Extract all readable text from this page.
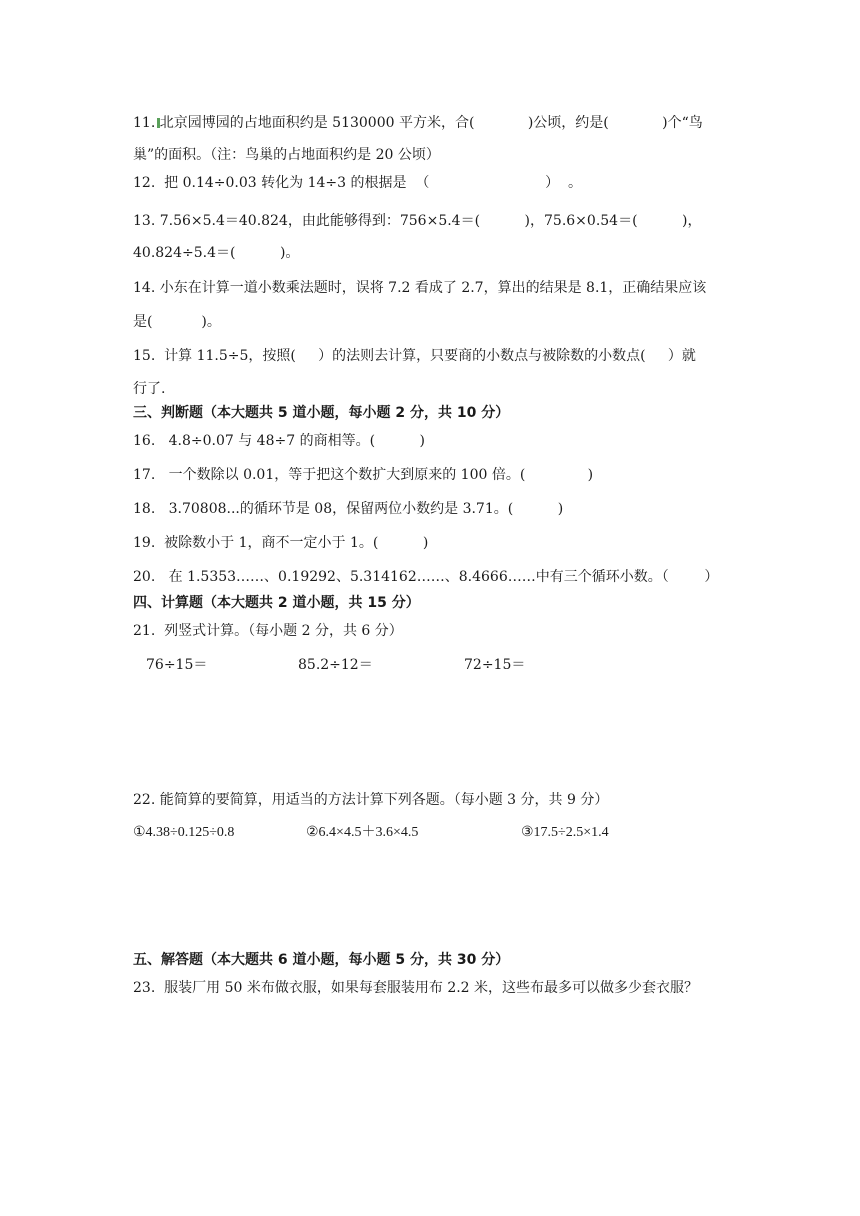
11. 北京园博园的占地面积约是 5130000 平方米，合(            )公顷，约是(            )个“鸟
巢”的面积。（注：鸟巢的占地面积约是 20 公顷）
12.  把 0.14÷0.03 转化为 14÷3 的根据是  （                          ）  。
13. 7.56×5.4＝40.824，由此能够得到：756×5.4＝(          )，75.6×0.54＝(          )，
40.824÷5.4＝(          )。
14. 小东在计算一道小数乘法题时，误将 7.2 看成了 2.7，算出的结果是 8.1，正确结果应该
是(           )。
15.  计算 11.5÷5，按照(     ）的法则去计算，只要商的小数点与被除数的小数点(     ）就
行了.
三、判断题（本大题共 5 道小题，每小题 2 分，共 10 分）
16.   4.8÷0.07 与 48÷7 的商相等。(          )
17.   一个数除以 0.01，等于把这个数扩大到原来的 100 倍。(              )
18.   3.70808...的循环节是 08，保留两位小数约是 3.71。(          )
19.  被除数小于 1，商不一定小于 1。(          )
20.   在 1.5353……、0.19292、5.314162……、8.4666……中有三个循环小数。（        ）
四、计算题（本大题共 2 道小题，共 15 分）
21.  列竖式计算。（每小题 2 分，共 6 分）
76÷15＝	85.2÷12＝	72÷15＝
22. 能简算的要简算，用适当的方法计算下列各题。（每小题 3 分，共 9 分）
①4.38÷0.125÷0.8	②6.4×4.5＋3.6×4.5	③17.5÷2.5×1.4
五、解答题（本大题共 6 道小题，每小题 5 分，共 30 分）
23.  服装厂用 50 米布做衣服，如果每套服装用布 2.2 米，这些布最多可以做多少套衣服？
